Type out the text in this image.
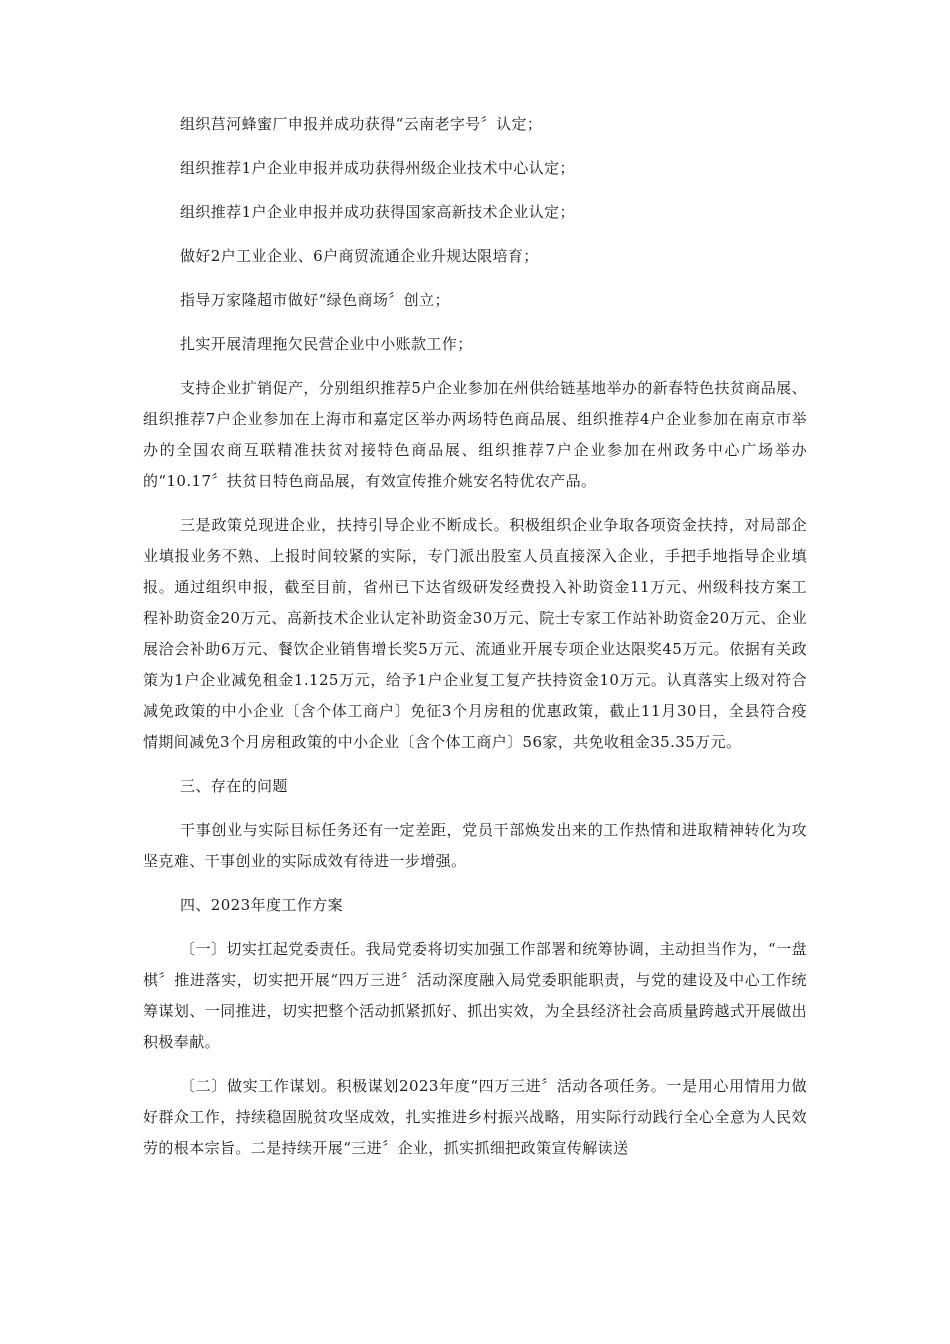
组织莒河蜂蜜厂申报并成功获得“云南老字号〞认定；

组织推荐1户企业申报并成功获得州级企业技术中心认定；

组织推荐1户企业申报并成功获得国家高新技术企业认定；

做好2户工业企业、6户商贸流通企业升规达限培育；

指导万家隆超市做好“绿色商场〞创立；

扎实开展清理拖欠民营企业中小账款工作；

支持企业扩销促产，分别组织推荐5户企业参加在州供给链基地举办的新春特色扶贫商品展、组织推荐7户企业参加在上海市和嘉定区举办两场特色商品展、组织推荐4户企业参加在南京市举办的全国农商互联精准扶贫对接特色商品展、组织推荐7户企业参加在州政务中心广场举办的“10.17〞扶贫日特色商品展，有效宣传推介姚安名特优农产品。

三是政策兑现进企业，扶持引导企业不断成长。积极组织企业争取各项资金扶持，对局部企业填报业务不熟、上报时间较紧的实际，专门派出股室人员直接深入企业，手把手地指导企业填报。通过组织申报，截至目前，省州已下达省级研发经费投入补助资金11万元、州级科技方案工程补助资金20万元、高新技术企业认定补助资金30万元、院士专家工作站补助资金20万元、企业展洽会补助6万元、餐饮企业销售增长奖5万元、流通业开展专项企业达限奖45万元。依据有关政策为1户企业减免租金1.125万元，给予1户企业复工复产扶持资金10万元。认真落实上级对符合减免政策的中小企业〔含个体工商户〕免征3个月房租的优惠政策，截止11月30日，全县符合疫情期间减免3个月房租政策的中小企业〔含个体工商户〕56家，共免收租金35.35万元。

三、存在的问题

干事创业与实际目标任务还有一定差距，党员干部焕发出来的工作热情和进取精神转化为攻坚克难、干事创业的实际成效有待进一步增强。

四、2023年度工作方案

〔一〕切实扛起党委责任。我局党委将切实加强工作部署和统筹协调，主动担当作为，“一盘棋〞推进落实，切实把开展“四万三进〞活动深度融入局党委职能职责，与党的建设及中心工作统筹谋划、一同推进，切实把整个活动抓紧抓好、抓出实效，为全县经济社会高质量跨越式开展做出积极奉献。

〔二〕做实工作谋划。积极谋划2023年度“四万三进〞活动各项任务。一是用心用情用力做好群众工作，持续稳固脱贫攻坚成效，扎实推进乡村振兴战略，用实际行动践行全心全意为人民效劳的根本宗旨。二是持续开展“三进〞企业，抓实抓细把政策宣传解读送
